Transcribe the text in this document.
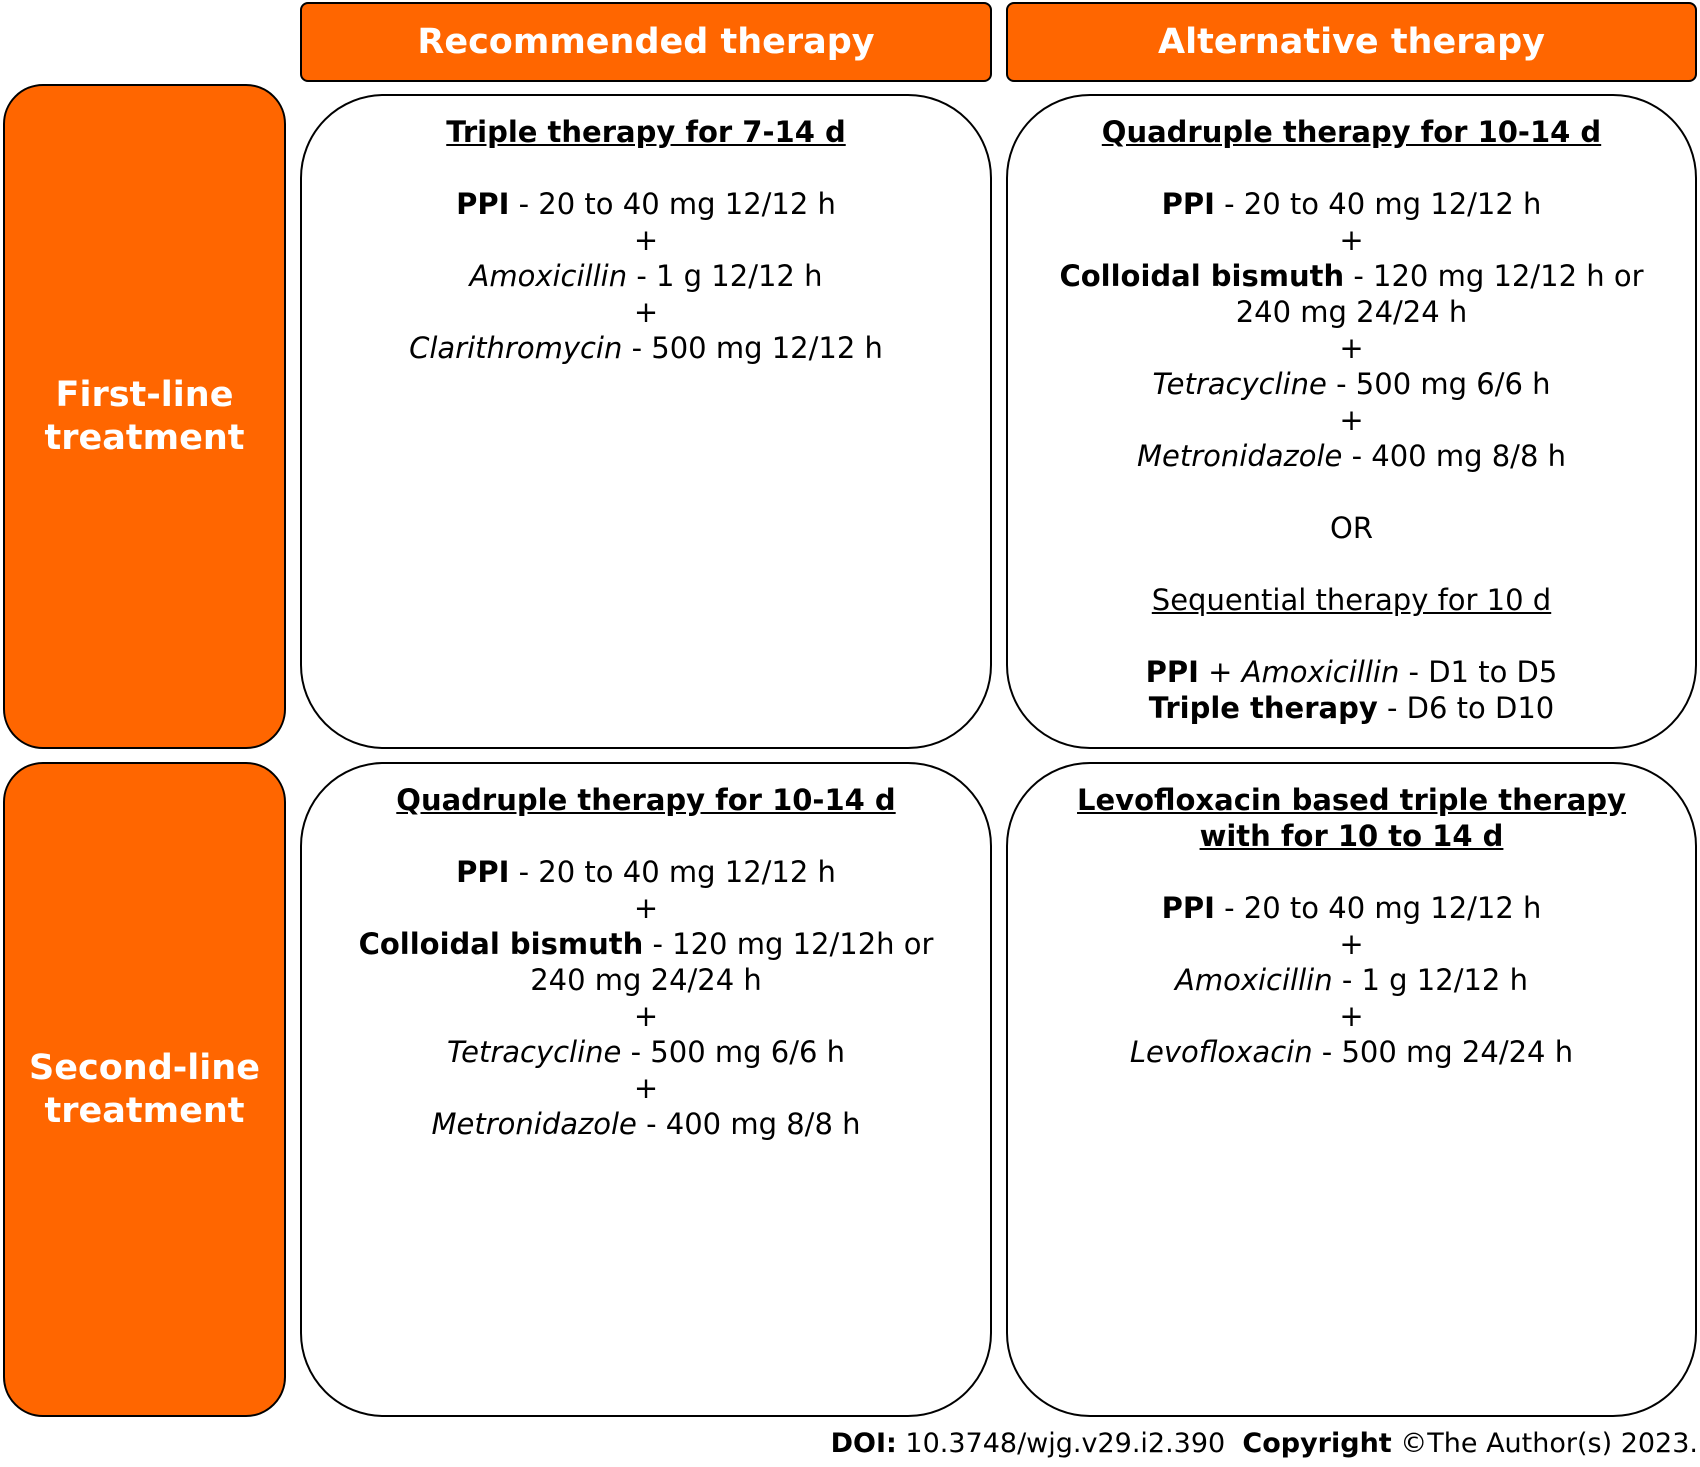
Recommended therapy	Alternative therapy
First-line treatment
Second-line treatment
Triple therapy for 7-14 d
PPI - 20 to 40 mg 12/12 h
+
Amoxicillin - 1 g 12/12 h
+
Clarithromycin - 500 mg 12/12 h
Quadruple therapy for 10-14 d
PPI - 20 to 40 mg 12/12 h
+
Colloidal bismuth - 120 mg 12/12 h or
240 mg 24/24 h
+
Tetracycline - 500 mg 6/6 h
+
Metronidazole - 400 mg 8/8 h
OR
Sequential therapy for 10 d
PPI + Amoxicillin - D1 to D5
Triple therapy - D6 to D10
Quadruple therapy for 10-14 d
PPI - 20 to 40 mg 12/12 h
+
Colloidal bismuth - 120 mg 12/12h or
240 mg 24/24 h
+
Tetracycline - 500 mg 6/6 h
+
Metronidazole - 400 mg 8/8 h
Levofloxacin based triple therapy
with for 10 to 14 d
PPI - 20 to 40 mg 12/12 h
+
Amoxicillin - 1 g 12/12 h
+
Levofloxacin - 500 mg 24/24 h
DOI: 10.3748/wjg.v29.i2.390 Copyright ©The Author(s) 2023.
